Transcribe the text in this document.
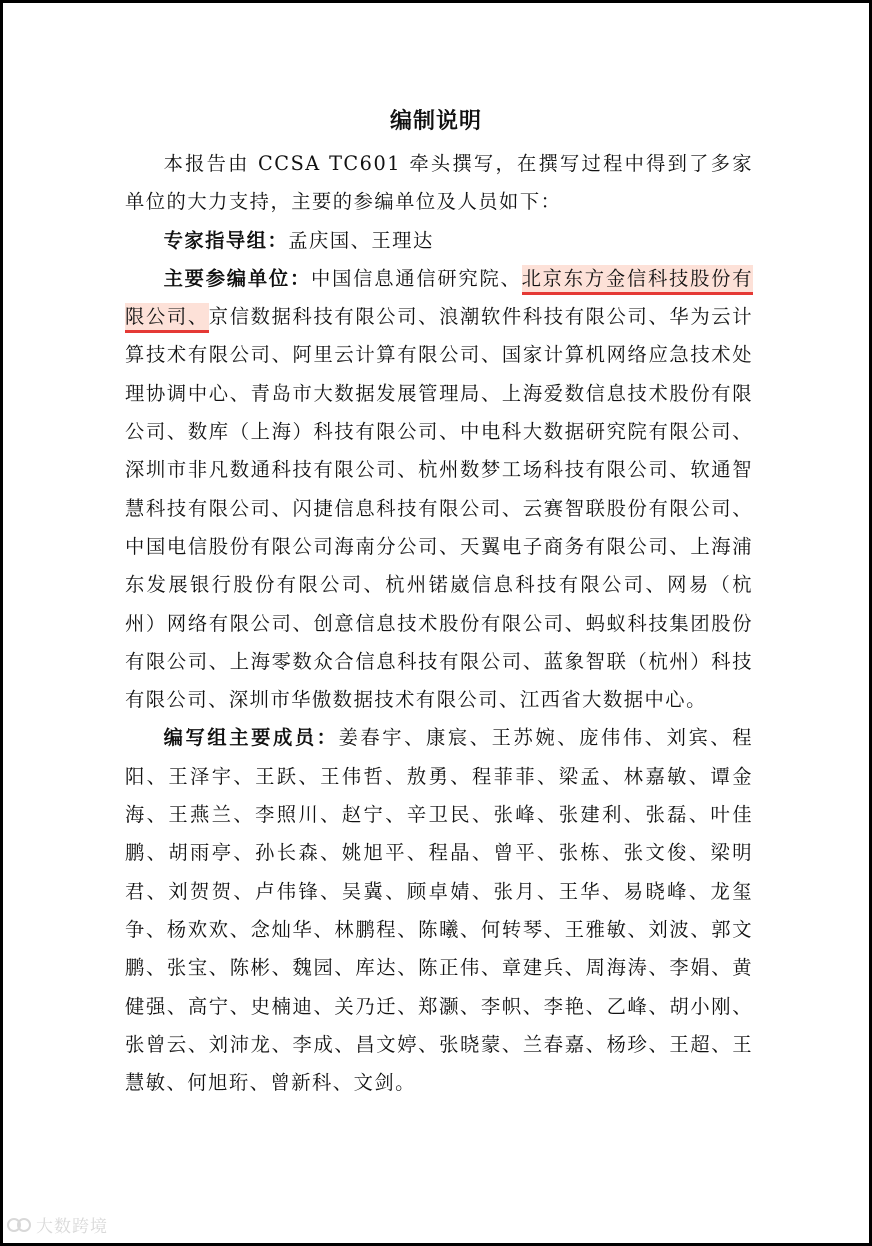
编制说明

本报告由 CCSA TC601 牵头撰写，在撰写过程中得到了多家单位的大力支持，主要的参编单位及人员如下：

专家指导组：孟庆国、王理达

主要参编单位：中国信息通信研究院、北京东方金信科技股份有限公司、京信数据科技有限公司、浪潮软件科技有限公司、华为云计算技术有限公司、阿里云计算有限公司、国家计算机网络应急技术处理协调中心、青岛市大数据发展管理局、上海爱数信息技术股份有限公司、数库（上海）科技有限公司、中电科大数据研究院有限公司、深圳市非凡数通科技有限公司、杭州数梦工场科技有限公司、软通智慧科技有限公司、闪捷信息科技有限公司、云赛智联股份有限公司、中国电信股份有限公司海南分公司、天翼电子商务有限公司、上海浦东发展银行股份有限公司、杭州锘崴信息科技有限公司、网易（杭州）网络有限公司、创意信息技术股份有限公司、蚂蚁科技集团股份有限公司、上海零数众合信息科技有限公司、蓝象智联（杭州）科技有限公司、深圳市华傲数据技术有限公司、江西省大数据中心。

编写组主要成员：姜春宇、康宸、王苏婉、庞伟伟、刘宾、程阳、王泽宇、王跃、王伟哲、敖勇、程菲菲、梁孟、林嘉敏、谭金海、王燕兰、李照川、赵宁、辛卫民、张峰、张建利、张磊、叶佳鹏、胡雨亭、孙长森、姚旭平、程晶、曾平、张栋、张文俊、梁明君、刘贺贺、卢伟锋、吴冀、顾卓婧、张月、王华、易晓峰、龙玺争、杨欢欢、念灿华、林鹏程、陈曦、何转琴、王雅敏、刘波、郭文鹏、张宝、陈彬、魏园、库达、陈正伟、章建兵、周海涛、李娟、黄健强、高宁、史楠迪、关乃迁、郑灏、李帜、李艳、乙峰、胡小刚、张曾云、刘沛龙、李成、昌文婷、张晓蒙、兰春嘉、杨珍、王超、王慧敏、何旭珩、曾新科、文剑。

大数跨境
